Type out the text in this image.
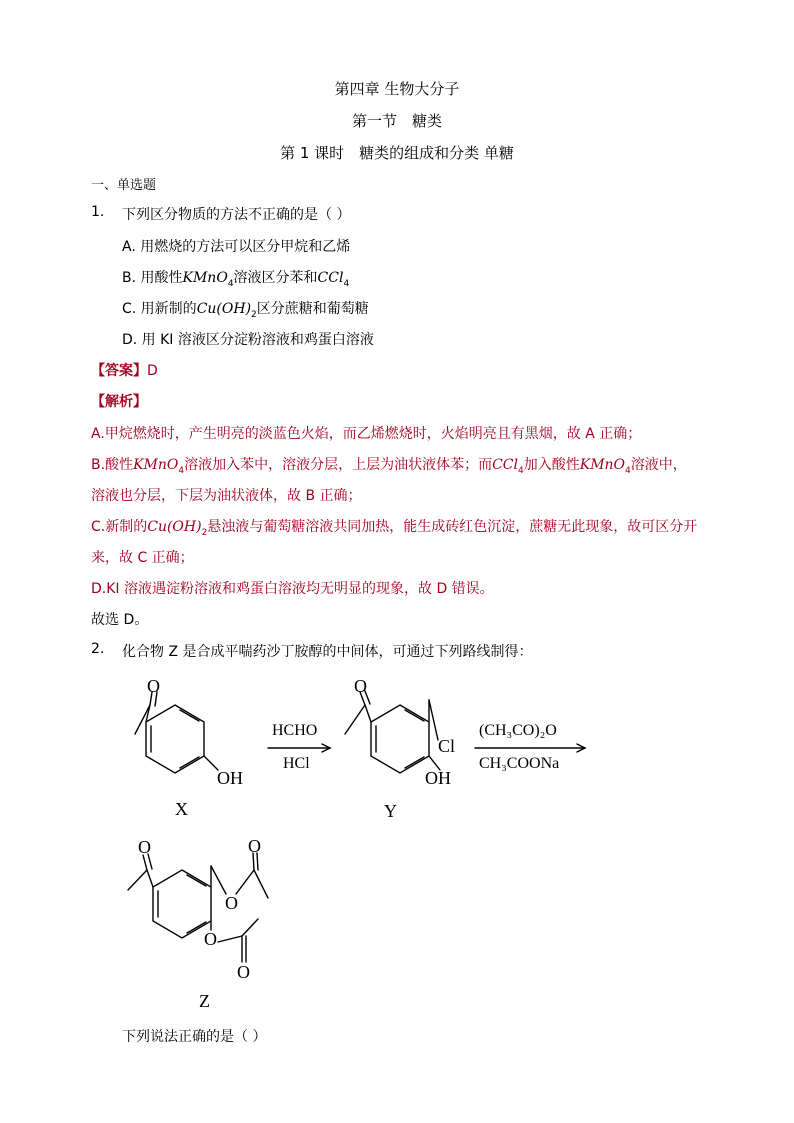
第四章 生物大分子
第一节　糖类
第 1 课时　糖类的组成和分类 单糖
一、单选题
1. 下列区分物质的方法不正确的是（ ）
A. 用燃烧的方法可以区分甲烷和乙烯
B. 用酸性KMnO$_4$溶液区分苯和CCl$_4$
C. 用新制的$Cu(OH)_2$区分蔗糖和葡萄糖
D. 用 KI 溶液区分淀粉溶液和鸡蛋白溶液
【答案】D
【解析】
A.甲烷燃烧时，产生明亮的淡蓝色火焰，而乙烯燃烧时，火焰明亮且有黑烟，故 A 正确；
B.酸性KMnO$_4$溶液加入苯中，溶液分层，上层为油状液体苯；而CCl$_4$加入酸性KMnO$_4$溶液中，
溶液也分层，下层为油状液体，故 B 正确；
C.新制的$Cu(OH)_2$悬浊液与葡萄糖溶液共同加热，能生成砖红色沉淀，蔗糖无此现象，故可区分开
来，故 C 正确；
D.KI 溶液遇淀粉溶液和鸡蛋白溶液均无明显的现象，故 D 错误。
故选 D。
2. 化合物 Z 是合成平喘药沙丁胺醇的中间体，可通过下列路线制得：
O
OH
X
HCHO
HCl
O
Cl
OH
Y
(CH₃CO)₂O
CH₃COONa
O
O
O
O
O
Z
下列说法正确的是（ ）
